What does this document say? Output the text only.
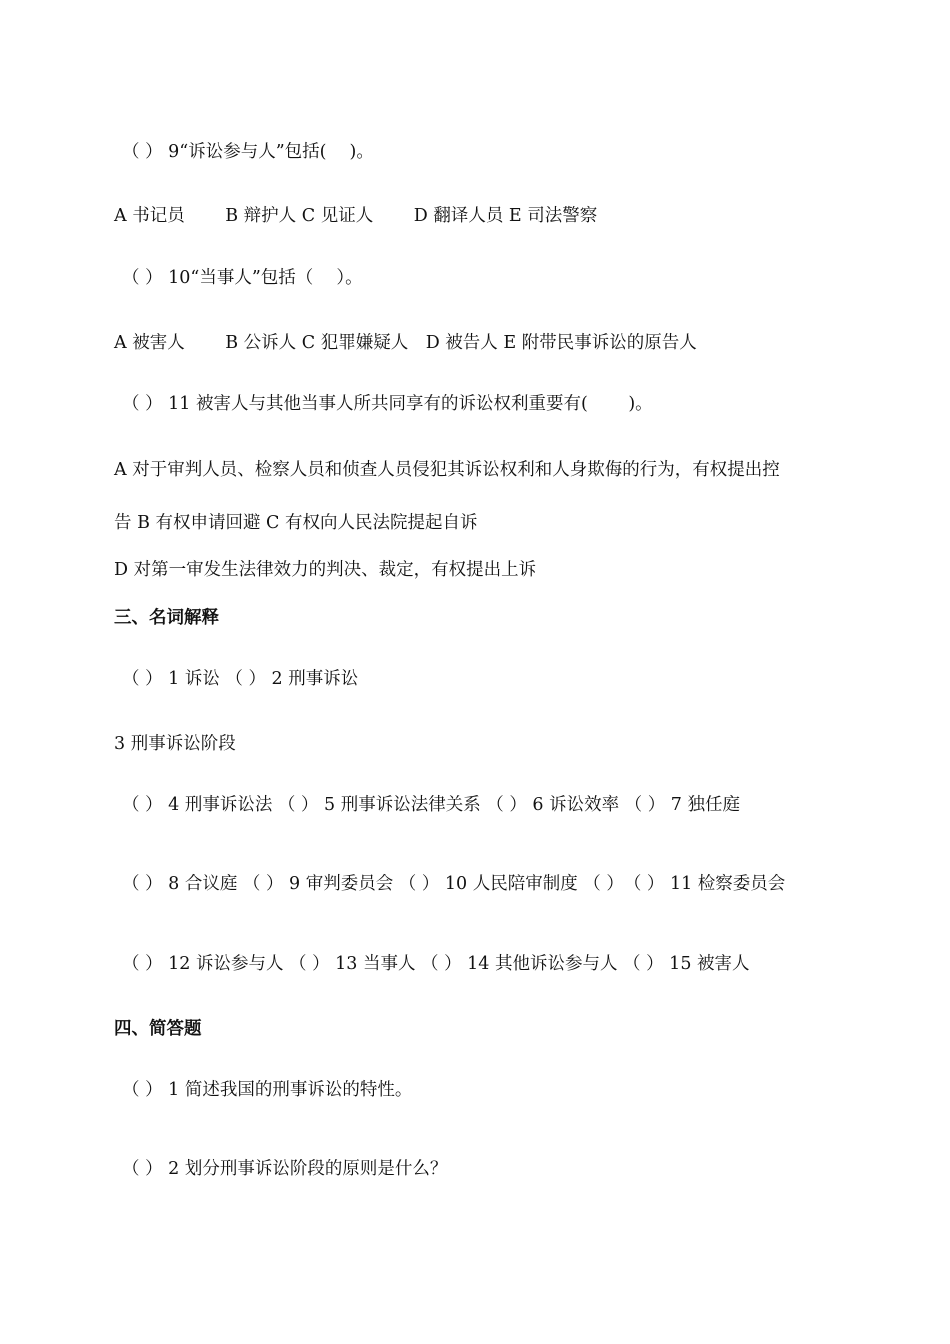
（ ） 9“诉讼参与人”包括(　 )。
A 书记员　　 B 辩护人 C 见证人　　 D 翻译人员 E 司法警察
（ ） 10“当事人”包括（　 ）。
A 被害人　　 B 公诉人 C 犯罪嫌疑人　D 被告人 E 附带民事诉讼的原告人
（ ） 11 被害人与其他当事人所共同享有的诉讼权利重要有(　　 )。
A 对于审判人员、检察人员和侦查人员侵犯其诉讼权利和人身欺侮的行为，有权提出控
告 B 有权申请回避 C 有权向人民法院提起自诉
D 对第一审发生法律效力的判决、裁定，有权提出上诉
三、名词解释
（ ） 1 诉讼 （ ） 2 刑事诉讼
3 刑事诉讼阶段
（ ） 4 刑事诉讼法 （ ） 5 刑事诉讼法律关系 （ ） 6 诉讼效率 （ ） 7 独任庭
（ ） 8 合议庭 （ ） 9 审判委员会 （ ） 10 人民陪审制度 （ ）　（ ） 11 检察委员会
（ ） 12 诉讼参与人 （ ） 13 当事人 （ ） 14 其他诉讼参与人 （ ） 15 被害人
四、简答题
（ ） 1 简述我国的刑事诉讼的特性。
（ ） 2 划分刑事诉讼阶段的原则是什么？
